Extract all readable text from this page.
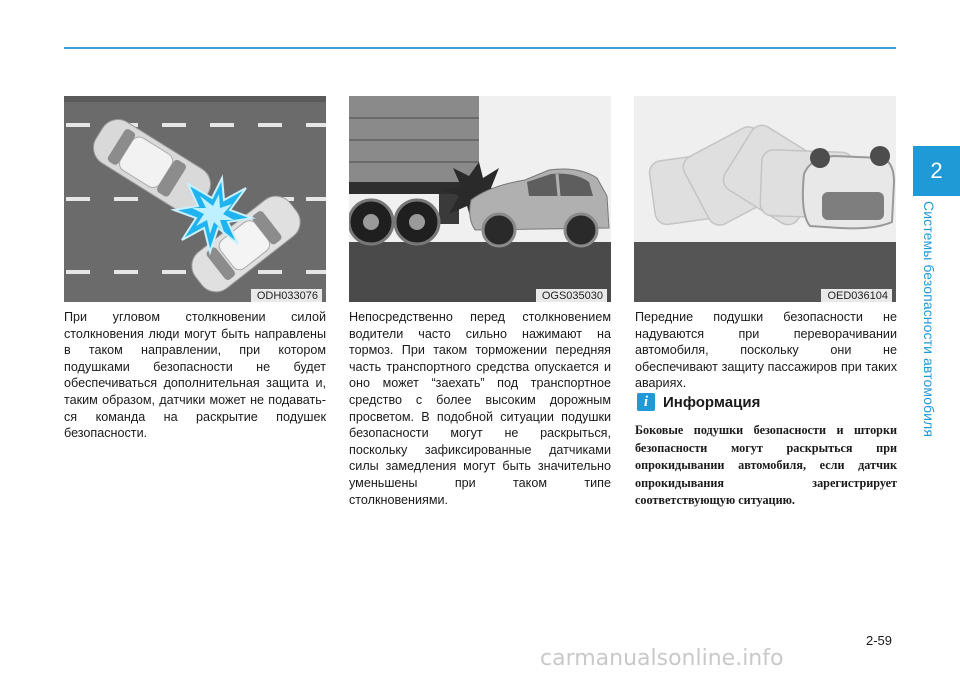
2
Системы безопасности автомобиля
ODH033076	OGS035030	OED036104

При угловом столкновении силой столкновения люди могут быть направлены в таком направлении, при котором подушками безопасности не будет обеспечиваться дополнительная защита и, таким образом, датчики может не подавать-ся команда на раскрытие подушек безопасности.

Непосредственно перед столкновением водители часто сильно нажимают на тормоз. При таком торможении передняя часть транспортного средства опускается и оно может “заехать” под транспортное средство с более высоким дорожным просветом. В подобной ситуации подушки безопасности могут не раскрыться, поскольку зафиксированные датчиками силы замедления могут быть значительно уменьшены при таком типе столкновениями.

Передние подушки безопасности не надуваются при переворачивании автомобиля, поскольку они не обеспечивают защиту пассажиров при таких авариях.

i Информация
Боковые подушки безопасности и шторки безопасности могут раскрыться при опрокидывании автомобиля, если датчик опрокидывания зарегистрирует соответствующую ситуацию.
2-59
carmanualsonline.info
